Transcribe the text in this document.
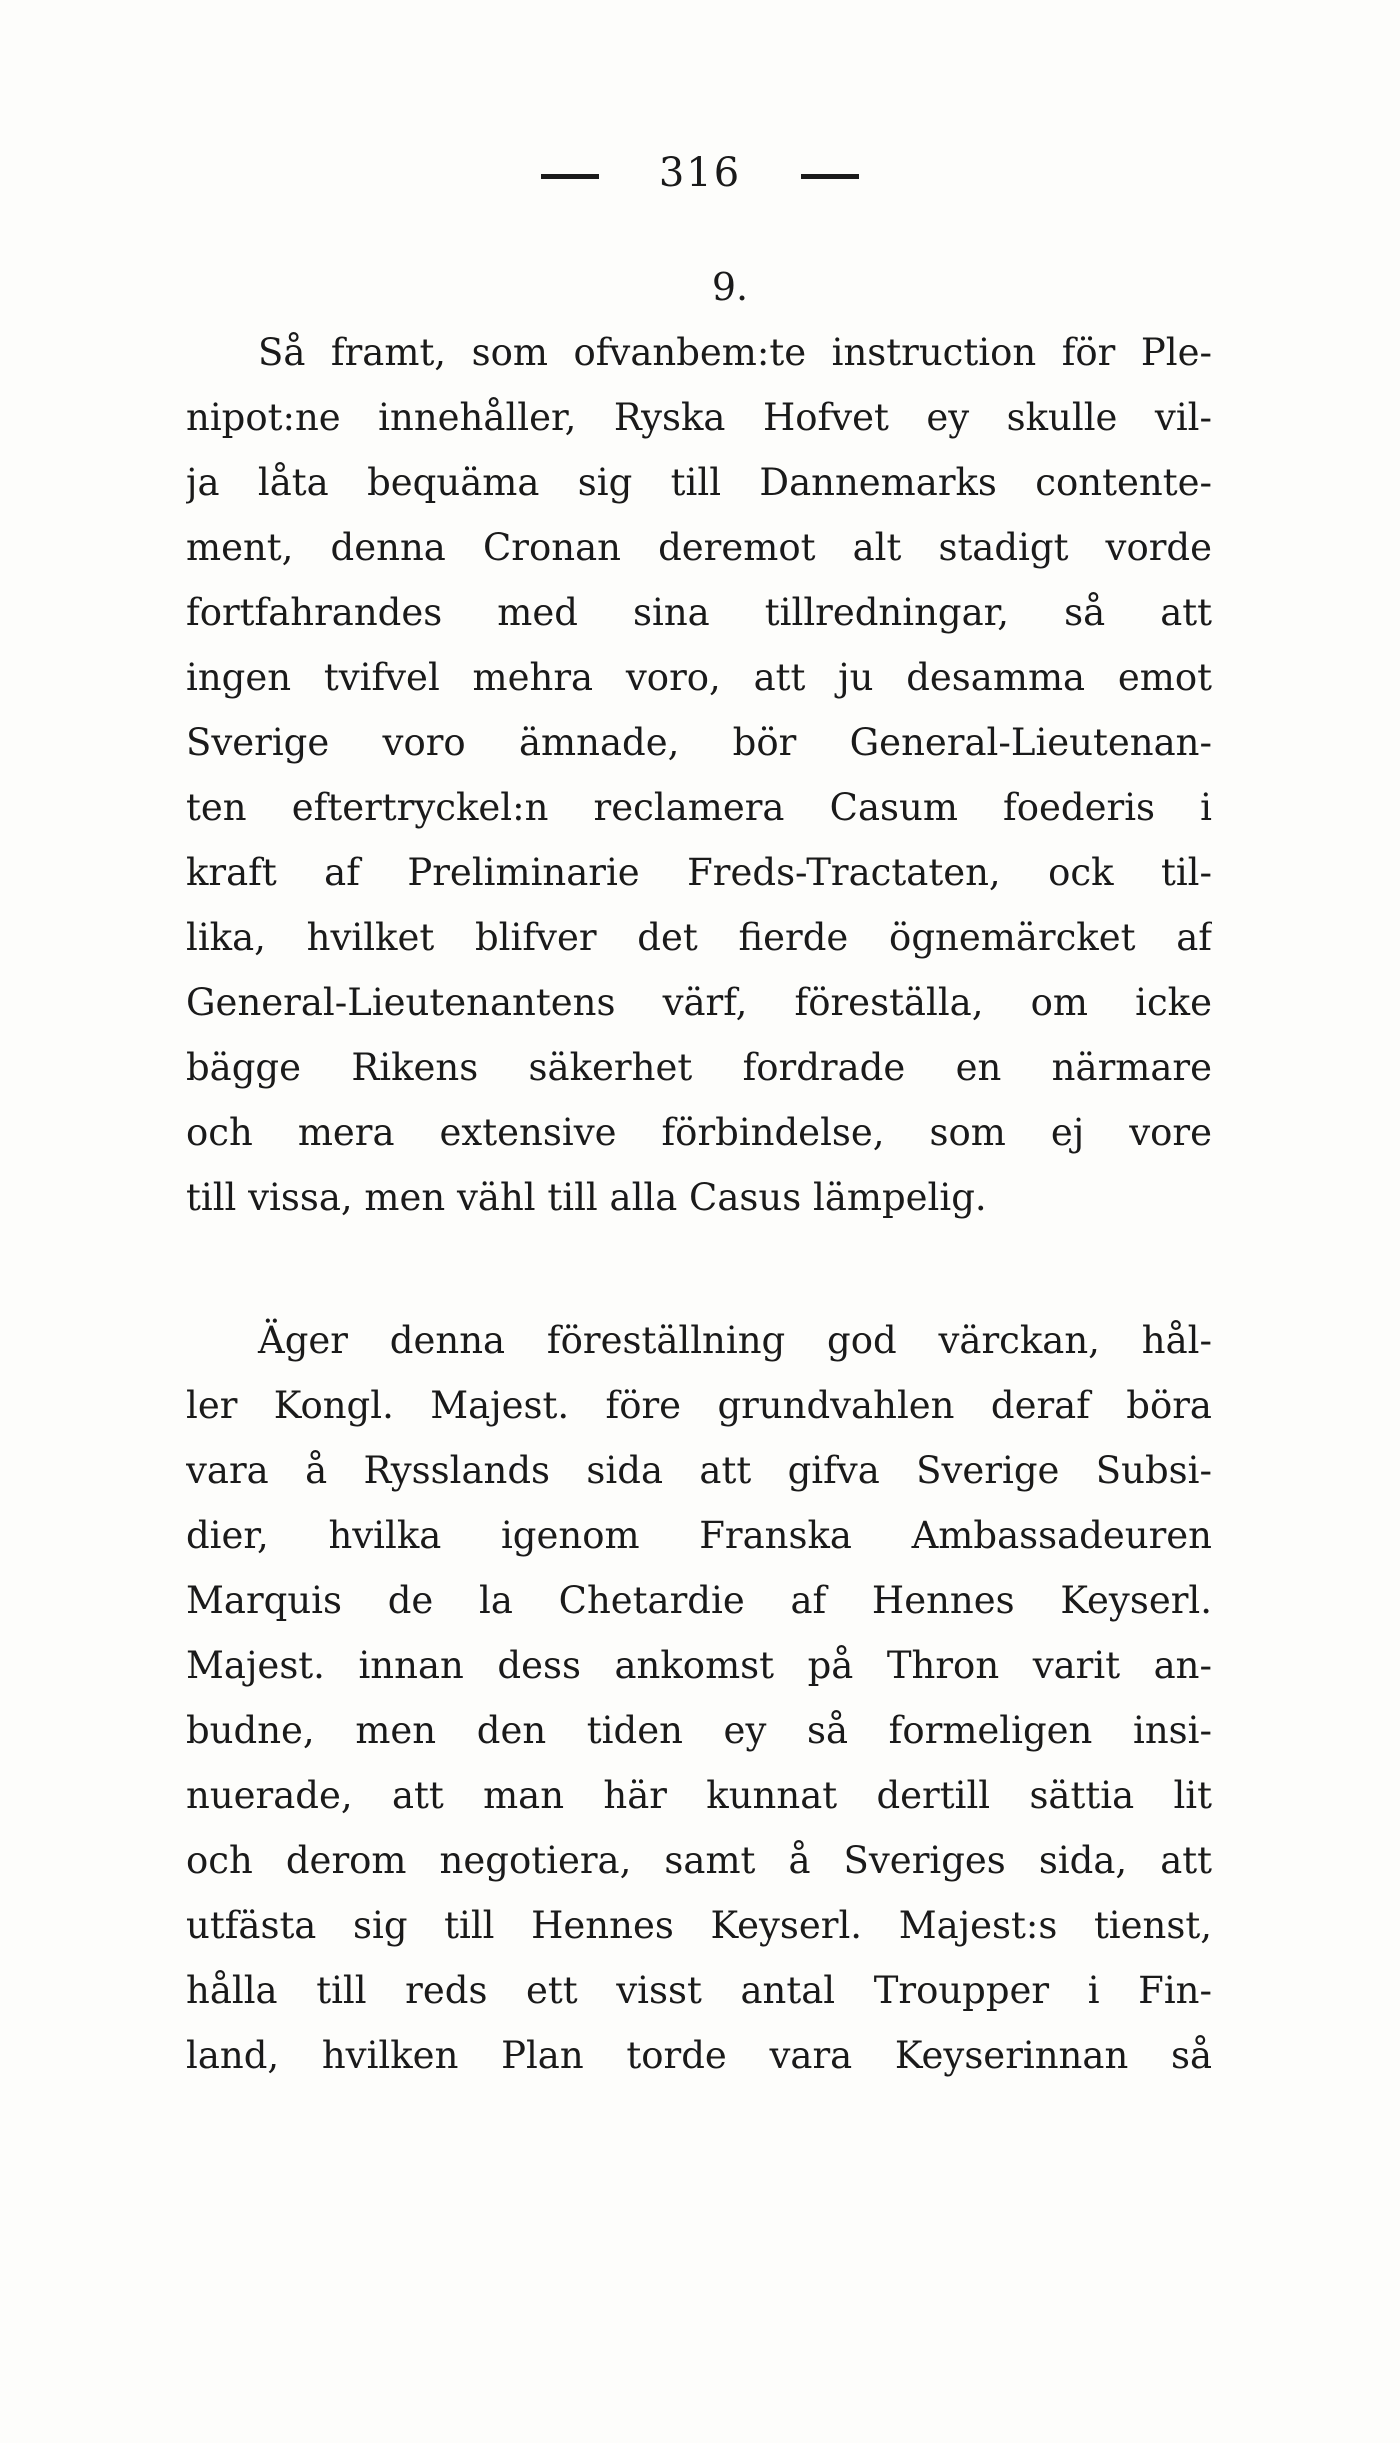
316
9.
Så framt, som ofvanbem:te instruction för Ple-
nipot:ne innehåller, Ryska Hofvet ey skulle vil-
ja låta bequäma sig till Dannemarks contente-
ment, denna Cronan deremot alt stadigt vorde
fortfahrandes med sina tillredningar, så att
ingen tvifvel mehra voro, att ju desamma emot
Sverige voro ämnade, bör General-Lieutenan-
ten eftertryckel:n reclamera Casum foederis i
kraft af Preliminarie Freds-Tractaten, ock til-
lika, hvilket blifver det fierde ögnemärcket af
General-Lieutenantens värf, föreställa, om icke
bägge Rikens säkerhet fordrade en närmare
och mera extensive förbindelse, som ej vore
till vissa, men vähl till alla Casus lämpelig.
Äger denna föreställning god värckan, hål-
ler Kongl. Majest. före grundvahlen deraf böra
vara å Rysslands sida att gifva Sverige Subsi-
dier, hvilka igenom Franska Ambassadeuren
Marquis de la Chetardie af Hennes Keyserl.
Majest. innan dess ankomst på Thron varit an-
budne, men den tiden ey så formeligen insi-
nuerade, att man här kunnat dertill sättia lit
och derom negotiera, samt å Sveriges sida, att
utfästa sig till Hennes Keyserl. Majest:s tienst,
hålla till reds ett visst antal Troupper i Fin-
land, hvilken Plan torde vara Keyserinnan så
